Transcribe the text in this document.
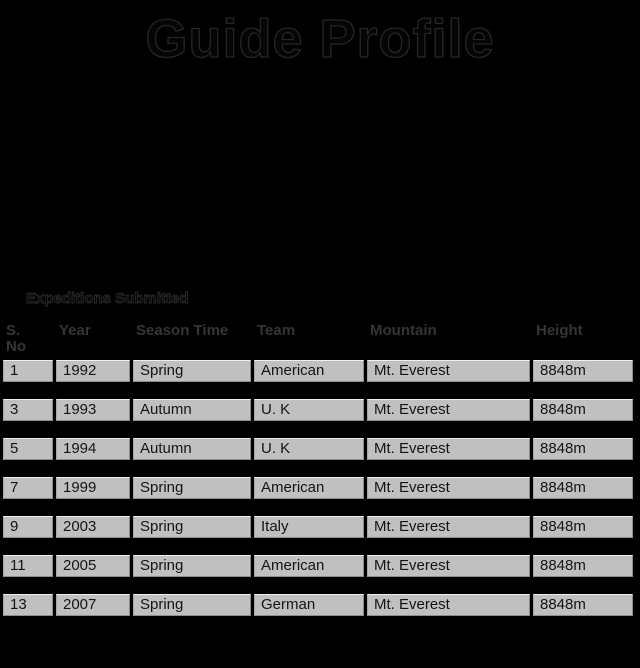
Guide Profile
Expeditions Submitted
S. No	Year	Season Time	Team	Mountain	Height
1	1992	Spring	American	Mt. Everest	8848m

3	1993	Autumn	U. K	Mt. Everest	8848m

5	1994	Autumn	U. K	Mt. Everest	8848m

7	1999	Spring	American	Mt. Everest	8848m

9	2003	Spring	Italy	Mt. Everest	8848m

11	2005	Spring	American	Mt. Everest	8848m

13	2007	Spring	German	Mt. Everest	8848m
